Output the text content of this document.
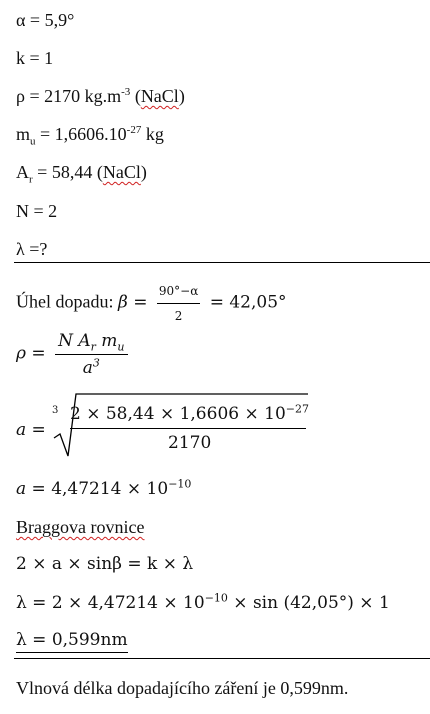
α = 5,9°
k = 1
ρ = 2170 $kg.m^{-3}$ (NaCl)
$m_u = 1,6606.10^{-27}$ kg
$A_r = 58,44$ (NaCl)
N = 2
λ =?
Úhel dopadu: $\beta = \frac{90^\circ-\alpha}{2} = 42,05^\circ$
$\rho = \frac{N A_r m_u}{a^3}$
a =
3 $2 \times 58,44 \times 1,6606 \times 10^{-27}$
2170
$a = 4,47214 \times 10^{-10}$
Braggova rovnice
2 × a × sinβ = k × λ
$\lambda = 2 \times 4,47214 \times 10^{-10} \times \sin (42,05^\circ) \times 1$
λ = 0,599nm
Vlnová délka dopadajícího záření je 0,599nm.
